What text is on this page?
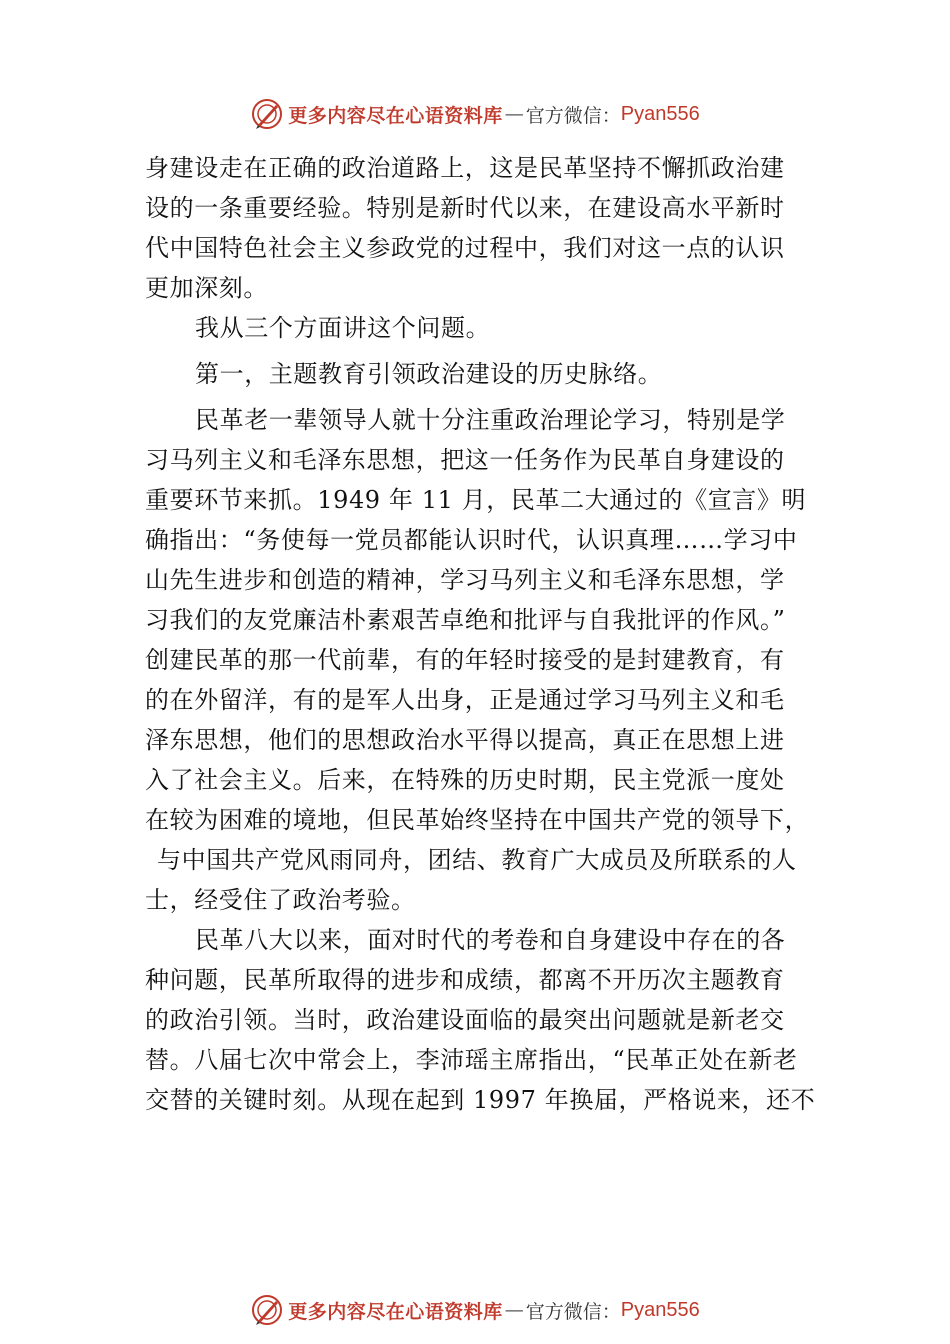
更多内容尽在心语资料库 — 官方微信： Pyan556
身建设走在正确的政治道路上，这是民革坚持不懈抓政治建
设的一条重要经验。特别是新时代以来，在建设高水平新时
代中国特色社会主义参政党的过程中，我们对这一点的认识
更加深刻。
我从三个方面讲这个问题。
第一，主题教育引领政治建设的历史脉络。
民革老一辈领导人就十分注重政治理论学习，特别是学
习马列主义和毛泽东思想，把这一任务作为民革自身建设的
重要环节来抓。1949 年 11 月，民革二大通过的《宣言》明
确指出：“务使每一党员都能认识时代，认识真理……学习中
山先生进步和创造的精神，学习马列主义和毛泽东思想，学
习我们的友党廉洁朴素艰苦卓绝和批评与自我批评的作风。”
创建民革的那一代前辈，有的年轻时接受的是封建教育，有
的在外留洋，有的是军人出身，正是通过学习马列主义和毛
泽东思想，他们的思想政治水平得以提高，真正在思想上进
入了社会主义。后来，在特殊的历史时期，民主党派一度处
在较为困难的境地，但民革始终坚持在中国共产党的领导下，
与中国共产党风雨同舟，团结、教育广大成员及所联系的人
士，经受住了政治考验。
民革八大以来，面对时代的考卷和自身建设中存在的各
种问题，民革所取得的进步和成绩，都离不开历次主题教育
的政治引领。当时，政治建设面临的最突出问题就是新老交
替。八届七次中常会上，李沛瑶主席指出，“民革正处在新老
交替的关键时刻。从现在起到 1997 年换届，严格说来，还不
更多内容尽在心语资料库 — 官方微信： Pyan556
